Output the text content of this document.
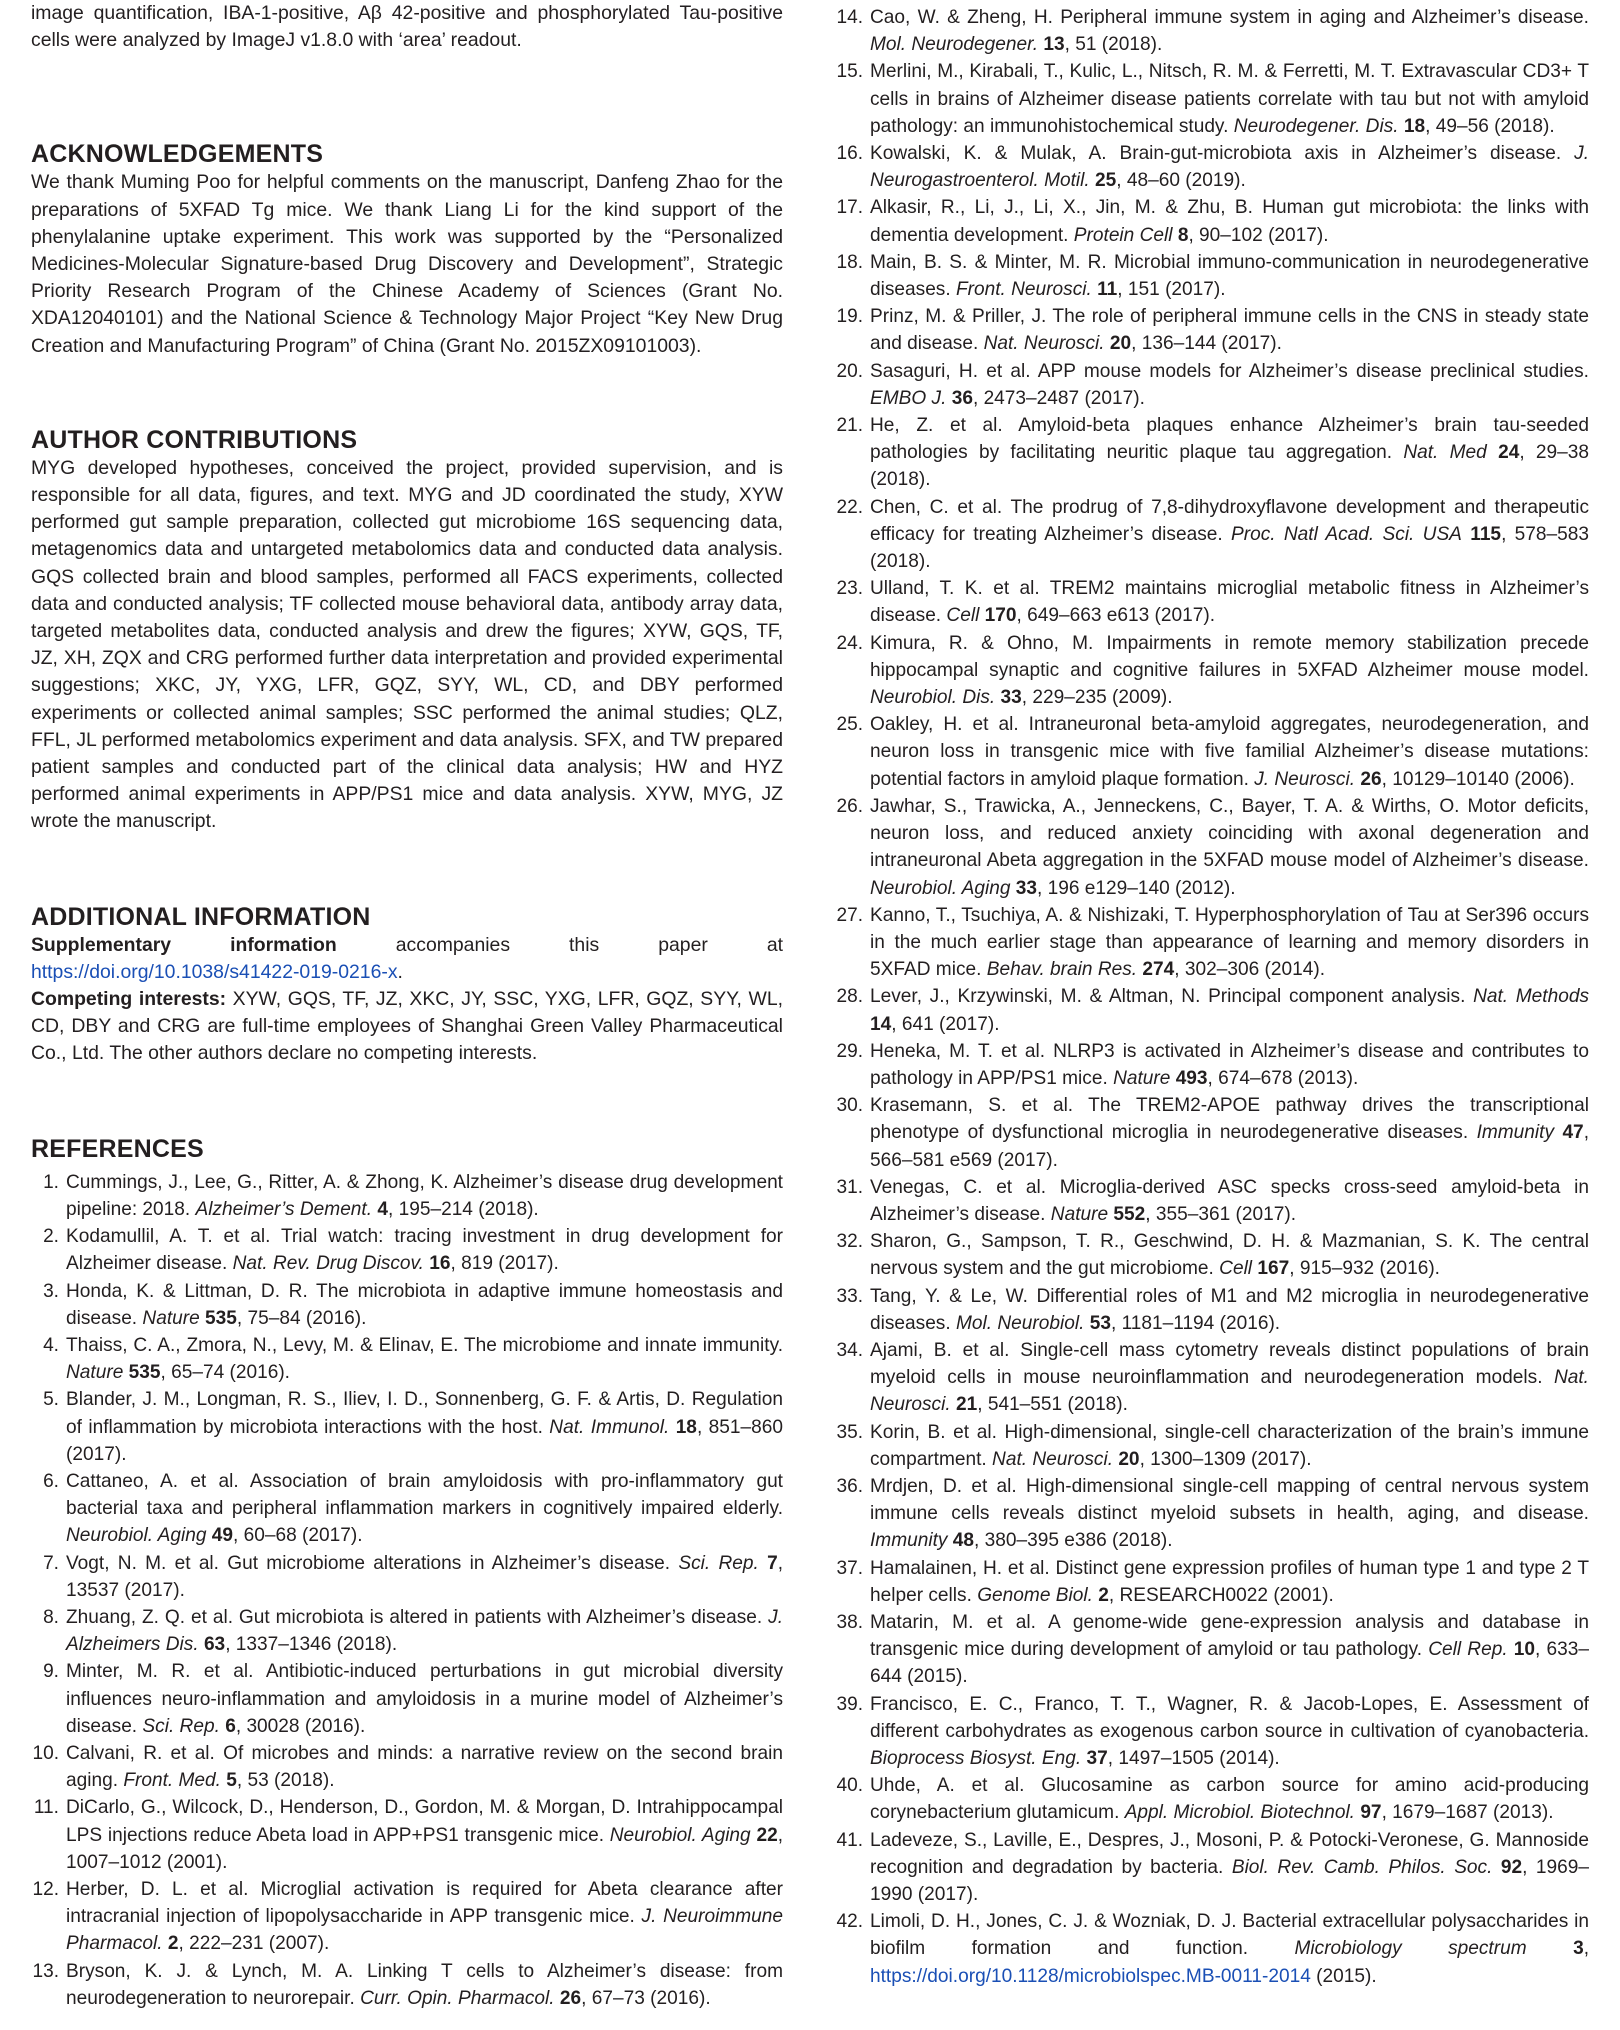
image quantification, IBA-1-positive, Aβ 42-positive and phosphorylated Tau-positive cells were analyzed by ImageJ v1.8.0 with ‘area’ readout.

ACKNOWLEDGEMENTS

We thank Muming Poo for helpful comments on the manuscript, Danfeng Zhao for the preparations of 5XFAD Tg mice. We thank Liang Li for the kind support of the phenylalanine uptake experiment. This work was supported by the “Personalized Medicines-Molecular Signature-based Drug Discovery and Development”, Strategic Priority Research Program of the Chinese Academy of Sciences (Grant No. XDA12040101) and the National Science & Technology Major Project “Key New Drug Creation and Manufacturing Program” of China (Grant No. 2015ZX09101003).

AUTHOR CONTRIBUTIONS

MYG developed hypotheses, conceived the project, provided supervision, and is responsible for all data, figures, and text. MYG and JD coordinated the study, XYW performed gut sample preparation, collected gut microbiome 16S sequencing data, metagenomics data and untargeted metabolomics data and conducted data analysis. GQS collected brain and blood samples, performed all FACS experiments, collected data and conducted analysis; TF collected mouse behavioral data, antibody array data, targeted metabolites data, conducted analysis and drew the figures; XYW, GQS, TF, JZ, XH, ZQX and CRG performed further data interpretation and provided experimental suggestions; XKC, JY, YXG, LFR, GQZ, SYY, WL, CD, and DBY performed experiments or collected animal samples; SSC performed the animal studies; QLZ, FFL, JL performed metabolomics experiment and data analysis. SFX, and TW prepared patient samples and conducted part of the clinical data analysis; HW and HYZ performed animal experiments in APP/PS1 mice and data analysis. XYW, MYG, JZ wrote the manuscript.

ADDITIONAL INFORMATION

Supplementary information accompanies this paper at https://doi.org/10.1038/s41422-019-0216-x.

Competing interests: XYW, GQS, TF, JZ, XKC, JY, SSC, YXG, LFR, GQZ, SYY, WL, CD, DBY and CRG are full-time employees of Shanghai Green Valley Pharmaceutical Co., Ltd. The other authors declare no competing interests.

REFERENCES
1. Cummings, J., Lee, G., Ritter, A. & Zhong, K. Alzheimer’s disease drug development pipeline: 2018. Alzheimer’s Dement. 4, 195–214 (2018).
2. Kodamullil, A. T. et al. Trial watch: tracing investment in drug development for Alzheimer disease. Nat. Rev. Drug Discov. 16, 819 (2017).
3. Honda, K. & Littman, D. R. The microbiota in adaptive immune homeostasis and disease. Nature 535, 75–84 (2016).
4. Thaiss, C. A., Zmora, N., Levy, M. & Elinav, E. The microbiome and innate immunity. Nature 535, 65–74 (2016).
5. Blander, J. M., Longman, R. S., Iliev, I. D., Sonnenberg, G. F. & Artis, D. Regulation of inflammation by microbiota interactions with the host. Nat. Immunol. 18, 851–860 (2017).
6. Cattaneo, A. et al. Association of brain amyloidosis with pro-inflammatory gut bacterial taxa and peripheral inflammation markers in cognitively impaired elderly. Neurobiol. Aging 49, 60–68 (2017).
7. Vogt, N. M. et al. Gut microbiome alterations in Alzheimer’s disease. Sci. Rep. 7, 13537 (2017).
8. Zhuang, Z. Q. et al. Gut microbiota is altered in patients with Alzheimer’s disease. J. Alzheimers Dis. 63, 1337–1346 (2018).
9. Minter, M. R. et al. Antibiotic-induced perturbations in gut microbial diversity influences neuro-inflammation and amyloidosis in a murine model of Alzheimer’s disease. Sci. Rep. 6, 30028 (2016).
10. Calvani, R. et al. Of microbes and minds: a narrative review on the second brain aging. Front. Med. 5, 53 (2018).
11. DiCarlo, G., Wilcock, D., Henderson, D., Gordon, M. & Morgan, D. Intrahippocampal LPS injections reduce Abeta load in APP+PS1 transgenic mice. Neurobiol. Aging 22, 1007–1012 (2001).
12. Herber, D. L. et al. Microglial activation is required for Abeta clearance after intracranial injection of lipopolysaccharide in APP transgenic mice. J. Neuroimmune Pharmacol. 2, 222–231 (2007).
13. Bryson, K. J. & Lynch, M. A. Linking T cells to Alzheimer’s disease: from neurodegeneration to neurorepair. Curr. Opin. Pharmacol. 26, 67–73 (2016).
14. Cao, W. & Zheng, H. Peripheral immune system in aging and Alzheimer’s disease. Mol. Neurodegener. 13, 51 (2018).
15. Merlini, M., Kirabali, T., Kulic, L., Nitsch, R. M. & Ferretti, M. T. Extravascular CD3+ T cells in brains of Alzheimer disease patients correlate with tau but not with amyloid pathology: an immunohistochemical study. Neurodegener. Dis. 18, 49–56 (2018).
16. Kowalski, K. & Mulak, A. Brain-gut-microbiota axis in Alzheimer’s disease. J. Neurogastroenterol. Motil. 25, 48–60 (2019).
17. Alkasir, R., Li, J., Li, X., Jin, M. & Zhu, B. Human gut microbiota: the links with dementia development. Protein Cell 8, 90–102 (2017).
18. Main, B. S. & Minter, M. R. Microbial immuno-communication in neurodegenerative diseases. Front. Neurosci. 11, 151 (2017).
19. Prinz, M. & Priller, J. The role of peripheral immune cells in the CNS in steady state and disease. Nat. Neurosci. 20, 136–144 (2017).
20. Sasaguri, H. et al. APP mouse models for Alzheimer’s disease preclinical studies. EMBO J. 36, 2473–2487 (2017).
21. He, Z. et al. Amyloid-beta plaques enhance Alzheimer’s brain tau-seeded pathologies by facilitating neuritic plaque tau aggregation. Nat. Med 24, 29–38 (2018).
22. Chen, C. et al. The prodrug of 7,8-dihydroxyflavone development and therapeutic efficacy for treating Alzheimer’s disease. Proc. Natl Acad. Sci. USA 115, 578–583 (2018).
23. Ulland, T. K. et al. TREM2 maintains microglial metabolic fitness in Alzheimer’s disease. Cell 170, 649–663 e613 (2017).
24. Kimura, R. & Ohno, M. Impairments in remote memory stabilization precede hippocampal synaptic and cognitive failures in 5XFAD Alzheimer mouse model. Neurobiol. Dis. 33, 229–235 (2009).
25. Oakley, H. et al. Intraneuronal beta-amyloid aggregates, neurodegeneration, and neuron loss in transgenic mice with five familial Alzheimer’s disease mutations: potential factors in amyloid plaque formation. J. Neurosci. 26, 10129–10140 (2006).
26. Jawhar, S., Trawicka, A., Jenneckens, C., Bayer, T. A. & Wirths, O. Motor deficits, neuron loss, and reduced anxiety coinciding with axonal degeneration and intraneuronal Abeta aggregation in the 5XFAD mouse model of Alzheimer’s disease. Neurobiol. Aging 33, 196 e129–140 (2012).
27. Kanno, T., Tsuchiya, A. & Nishizaki, T. Hyperphosphorylation of Tau at Ser396 occurs in the much earlier stage than appearance of learning and memory disorders in 5XFAD mice. Behav. brain Res. 274, 302–306 (2014).
28. Lever, J., Krzywinski, M. & Altman, N. Principal component analysis. Nat. Methods 14, 641 (2017).
29. Heneka, M. T. et al. NLRP3 is activated in Alzheimer’s disease and contributes to pathology in APP/PS1 mice. Nature 493, 674–678 (2013).
30. Krasemann, S. et al. The TREM2-APOE pathway drives the transcriptional phenotype of dysfunctional microglia in neurodegenerative diseases. Immunity 47, 566–581 e569 (2017).
31. Venegas, C. et al. Microglia-derived ASC specks cross-seed amyloid-beta in Alzheimer’s disease. Nature 552, 355–361 (2017).
32. Sharon, G., Sampson, T. R., Geschwind, D. H. & Mazmanian, S. K. The central nervous system and the gut microbiome. Cell 167, 915–932 (2016).
33. Tang, Y. & Le, W. Differential roles of M1 and M2 microglia in neurodegenerative diseases. Mol. Neurobiol. 53, 1181–1194 (2016).
34. Ajami, B. et al. Single-cell mass cytometry reveals distinct populations of brain myeloid cells in mouse neuroinflammation and neurodegeneration models. Nat. Neurosci. 21, 541–551 (2018).
35. Korin, B. et al. High-dimensional, single-cell characterization of the brain’s immune compartment. Nat. Neurosci. 20, 1300–1309 (2017).
36. Mrdjen, D. et al. High-dimensional single-cell mapping of central nervous system immune cells reveals distinct myeloid subsets in health, aging, and disease. Immunity 48, 380–395 e386 (2018).
37. Hamalainen, H. et al. Distinct gene expression profiles of human type 1 and type 2 T helper cells. Genome Biol. 2, RESEARCH0022 (2001).
38. Matarin, M. et al. A genome-wide gene-expression analysis and database in transgenic mice during development of amyloid or tau pathology. Cell Rep. 10, 633–644 (2015).
39. Francisco, E. C., Franco, T. T., Wagner, R. & Jacob-Lopes, E. Assessment of different carbohydrates as exogenous carbon source in cultivation of cyanobacteria. Bioprocess Biosyst. Eng. 37, 1497–1505 (2014).
40. Uhde, A. et al. Glucosamine as carbon source for amino acid-producing corynebacterium glutamicum. Appl. Microbiol. Biotechnol. 97, 1679–1687 (2013).
41. Ladeveze, S., Laville, E., Despres, J., Mosoni, P. & Potocki-Veronese, G. Mannoside recognition and degradation by bacteria. Biol. Rev. Camb. Philos. Soc. 92, 1969–1990 (2017).
42. Limoli, D. H., Jones, C. J. & Wozniak, D. J. Bacterial extracellular polysaccharides in biofilm formation and function. Microbiology spectrum 3, https://doi.org/10.1128/microbiolspec.MB-0011-2014 (2015).
